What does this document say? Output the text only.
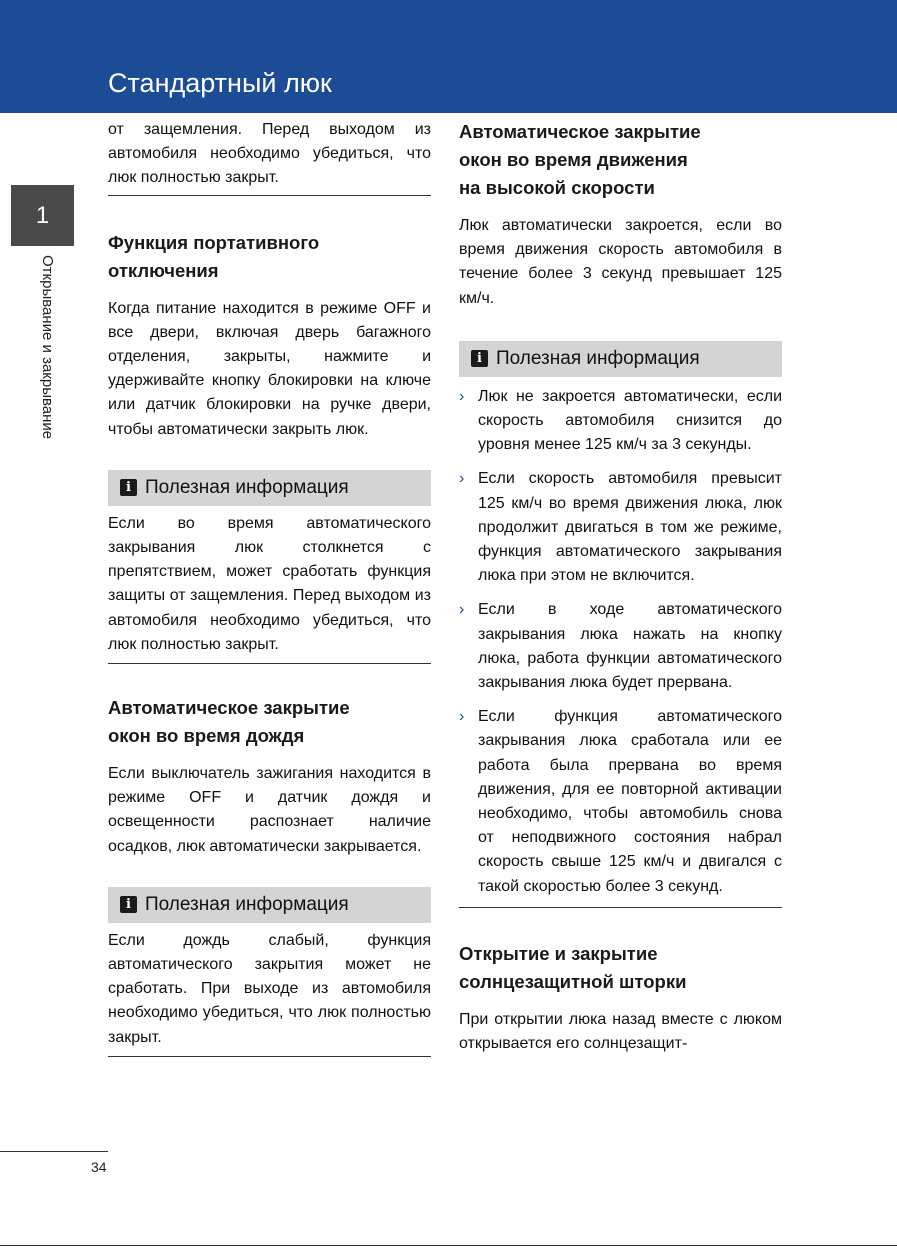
Стандартный люк
1
Открывание и закрывание

от защемления. Перед выходом из автомобиля необходимо убедиться, что люк полностью закрыт.

Функция портативного
отключения

Когда питание находится в режиме OFF и все двери, включая дверь багажного отделения, закрыты, нажмите и удерживайте кнопку блокировки на ключе или датчик блокировки на ручке двери, чтобы автоматически закрыть люк.

i Полезная информация

Если во время автоматического закрывания люк столкнется с препятствием, может сработать функция защиты от защемления. Перед выходом из автомобиля необходимо убедиться, что люк полностью закрыт.

Автоматическое закрытие
окон во время дождя

Если выключатель зажигания находится в режиме OFF и датчик дождя и освещенности распознает наличие осадков, люк автоматически закрывается.

i Полезная информация

Если дождь слабый, функция автоматического закрытия может не сработать. При выходе из автомобиля необходимо убедиться, что люк полностью закрыт.

Автоматическое закрытие
окон во время движения
на высокой скорости

Люк автоматически закроется, если во время движения скорость автомобиля в течение более 3 секунд превышает 125 км/ч.

i Полезная информация
› Люк не закроется автоматически, если скорость автомобиля снизится до уровня менее 125 км/ч за 3 секунды.
› Если скорость автомобиля превысит 125 км/ч во время движения люка, люк продолжит двигаться в том же режиме, функция автоматического закрывания люка при этом не включится.
› Если в ходе автоматического закрывания люка нажать на кнопку люка, работа функции автоматического закрывания люка будет прервана.
› Если функция автоматического закрывания люка сработала или ее работа была прервана во время движения, для ее повторной активации необходимо, чтобы автомобиль снова от неподвижного состояния набрал скорость свыше 125 км/ч и двигался с такой скоростью более 3 секунд.
Открытие и закрытие
солнцезащитной шторки

При открытии люка назад вместе с люком открывается его солнцезащит-

34
